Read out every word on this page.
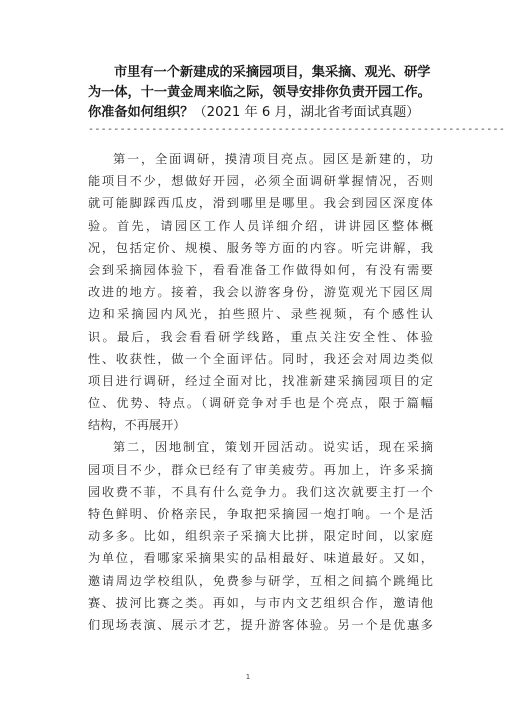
市里有一个新建成的采摘园项目，集采摘、观光、研学
为一体，十一黄金周来临之际，领导安排你负责开园工作。
你准备如何组织？（2021 年 6 月，湖北省考面试真题）
------------------------------------------------------------------
第一，全面调研，摸清项目亮点。园区是新建的，功
能项目不少，想做好开园，必须全面调研掌握情况，否则
就可能脚踩西瓜皮，滑到哪里是哪里。我会到园区深度体
验。首先，请园区工作人员详细介绍，讲讲园区整体概
况，包括定价、规模、服务等方面的内容。听完讲解，我
会到采摘园体验下，看看准备工作做得如何，有没有需要
改进的地方。接着，我会以游客身份，游览观光下园区周
边和采摘园内风光，拍些照片、录些视频，有个感性认
识。最后，我会看看研学线路，重点关注安全性、体验
性、收获性，做一个全面评估。同时，我还会对周边类似
项目进行调研，经过全面对比，找准新建采摘园项目的定
位、优势、特点。（调研竞争对手也是个亮点，限于篇幅
结构，不再展开）
第二，因地制宜，策划开园活动。说实话，现在采摘
园项目不少，群众已经有了审美疲劳。再加上，许多采摘
园收费不菲，不具有什么竞争力。我们这次就要主打一个
特色鲜明、价格亲民，争取把采摘园一炮打响。一个是活
动多多。比如，组织亲子采摘大比拼，限定时间，以家庭
为单位，看哪家采摘果实的品相最好、味道最好。又如，
邀请周边学校组队，免费参与研学，互相之间搞个跳绳比
赛、拔河比赛之类。再如，与市内文艺组织合作，邀请他
们现场表演、展示才艺，提升游客体验。另一个是优惠多
1
